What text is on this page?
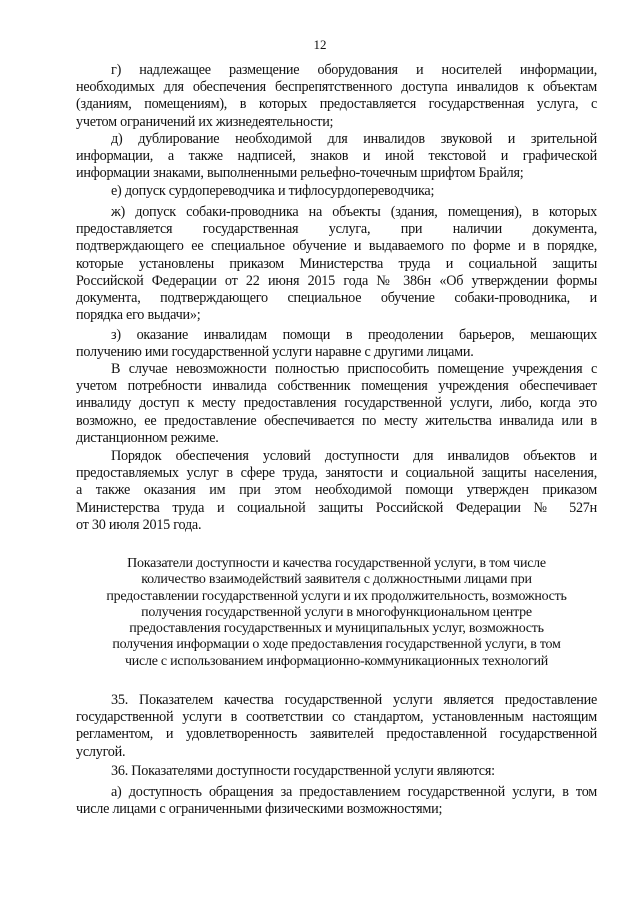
12
г) надлежащее размещение оборудования и носителей информации,
необходимых для обеспечения беспрепятственного доступа инвалидов к объектам
(зданиям, помещениям), в которых предоставляется государственная услуга, с
учетом ограничений их жизнедеятельности;
д) дублирование необходимой для инвалидов звуковой и зрительной
информации, а также надписей, знаков и иной текстовой и графической
информации знаками, выполненными рельефно-точечным шрифтом Брайля;
е) допуск сурдопереводчика и тифлосурдопереводчика;
ж) допуск собаки-проводника на объекты (здания, помещения), в которых
предоставляется государственная услуга, при наличии документа,
подтверждающего ее специальное обучение и выдаваемого по форме и в порядке,
которые установлены приказом Министерства труда и социальной защиты
Российской Федерации от 22 июня 2015 года № 386н «Об утверждении формы
документа, подтверждающего специальное обучение собаки-проводника, и
порядка его выдачи»;
з) оказание инвалидам помощи в преодолении барьеров, мешающих
получению ими государственной услуги наравне с другими лицами.
В случае невозможности полностью приспособить помещение учреждения с
учетом потребности инвалида собственник помещения учреждения обеспечивает
инвалиду доступ к месту предоставления государственной услуги, либо, когда это
возможно, ее предоставление обеспечивается по месту жительства инвалида или в
дистанционном режиме.
Порядок обеспечения условий доступности для инвалидов объектов и
предоставляемых услуг в сфере труда, занятости и социальной защиты населения,
а также оказания им при этом необходимой помощи утвержден приказом
Министерства труда и социальной защиты Российской Федерации № 527н
от 30 июля 2015 года.
Показатели доступности и качества государственной услуги, в том числе
количество взаимодействий заявителя с должностными лицами при
предоставлении государственной услуги и их продолжительность, возможность
получения государственной услуги в многофункциональном центре
предоставления государственных и муниципальных услуг, возможность
получения информации о ходе предоставления государственной услуги, в том
числе с использованием информационно-коммуникационных технологий
35. Показателем качества государственной услуги является предоставление
государственной услуги в соответствии со стандартом, установленным настоящим
регламентом, и удовлетворенность заявителей предоставленной государственной
услугой.
36. Показателями доступности государственной услуги являются:
а) доступность обращения за предоставлением государственной услуги, в том
числе лицами с ограниченными физическими возможностями;
